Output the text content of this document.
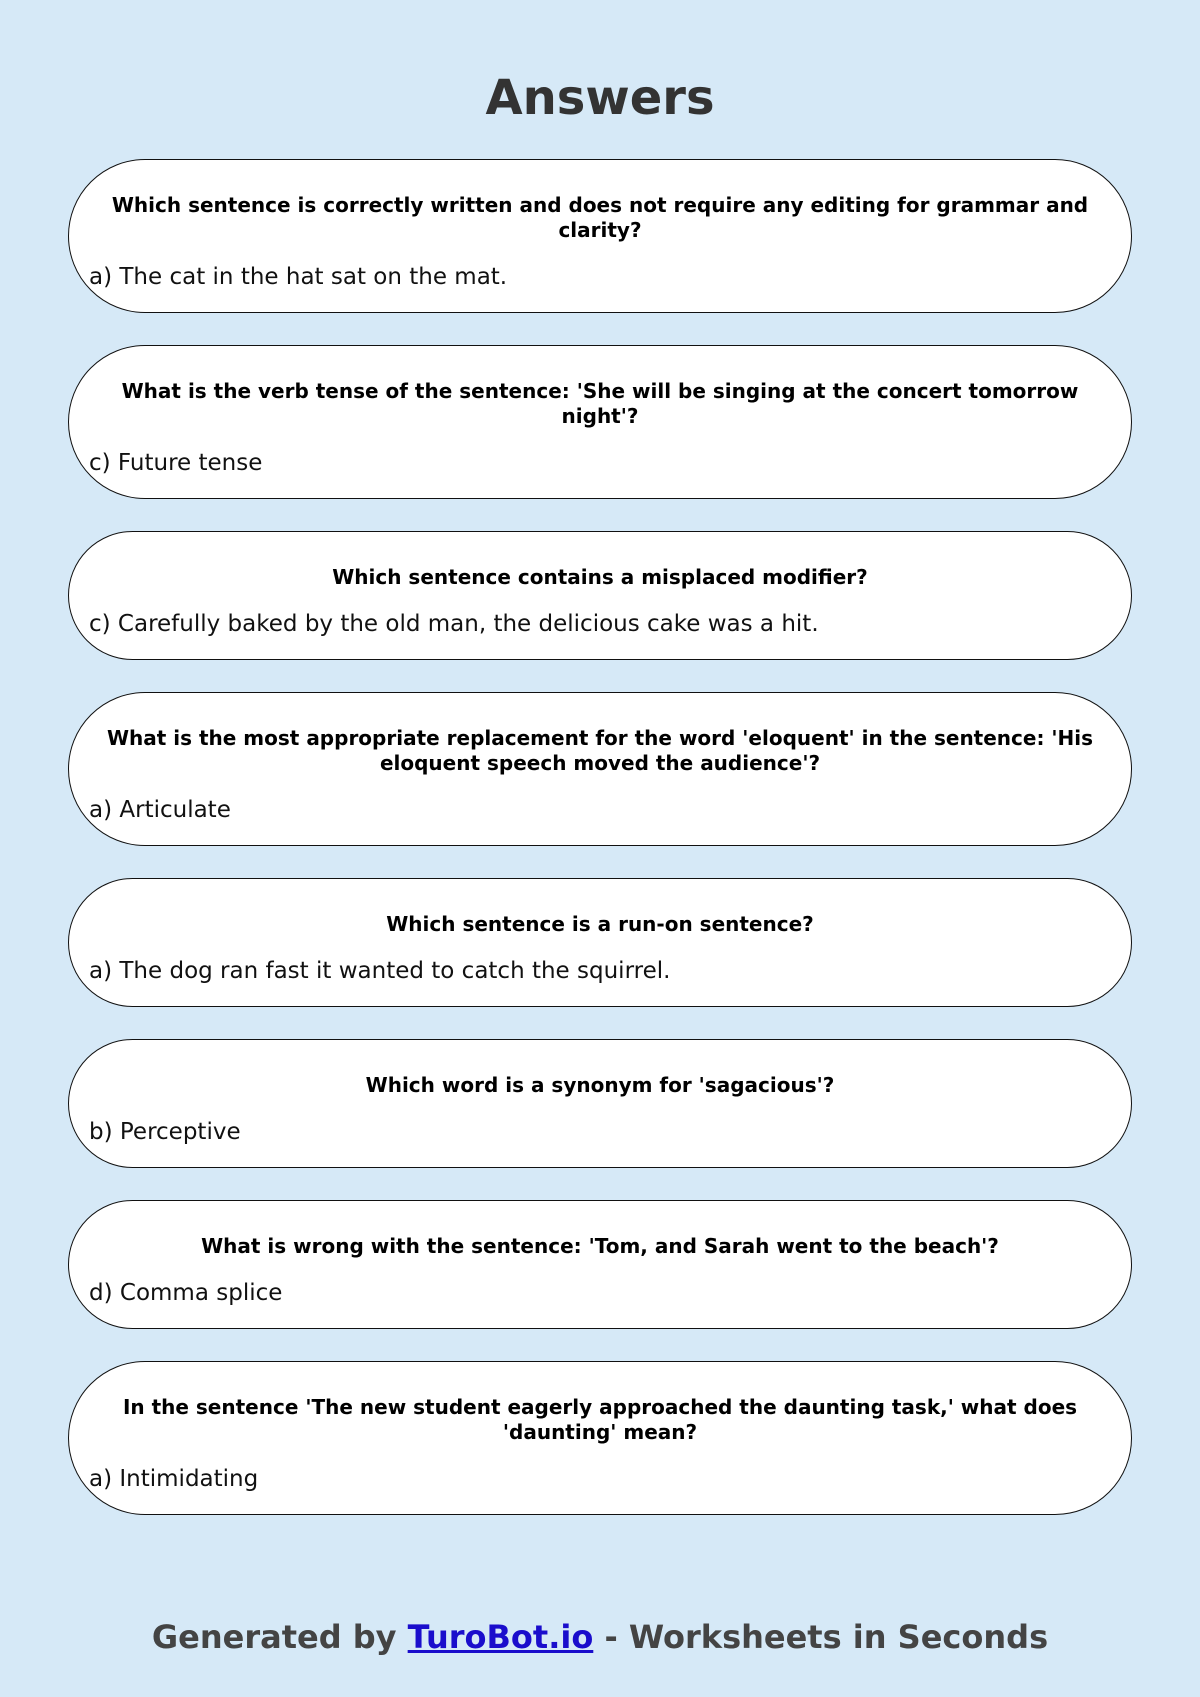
Answers
Which sentence is correctly written and does not require any editing for grammar and clarity?
a) The cat in the hat sat on the mat.
What is the verb tense of the sentence: 'She will be singing at the concert tomorrow night'?
c) Future tense
Which sentence contains a misplaced modifier?
c) Carefully baked by the old man, the delicious cake was a hit.
What is the most appropriate replacement for the word 'eloquent' in the sentence: 'His eloquent speech moved the audience'?
a) Articulate
Which sentence is a run-on sentence?
a) The dog ran fast it wanted to catch the squirrel.
Which word is a synonym for 'sagacious'?
b) Perceptive
What is wrong with the sentence: 'Tom, and Sarah went to the beach'?
d) Comma splice
In the sentence 'The new student eagerly approached the daunting task,' what does 'daunting' mean?
a) Intimidating
Generated by TuroBot.io - Worksheets in Seconds
